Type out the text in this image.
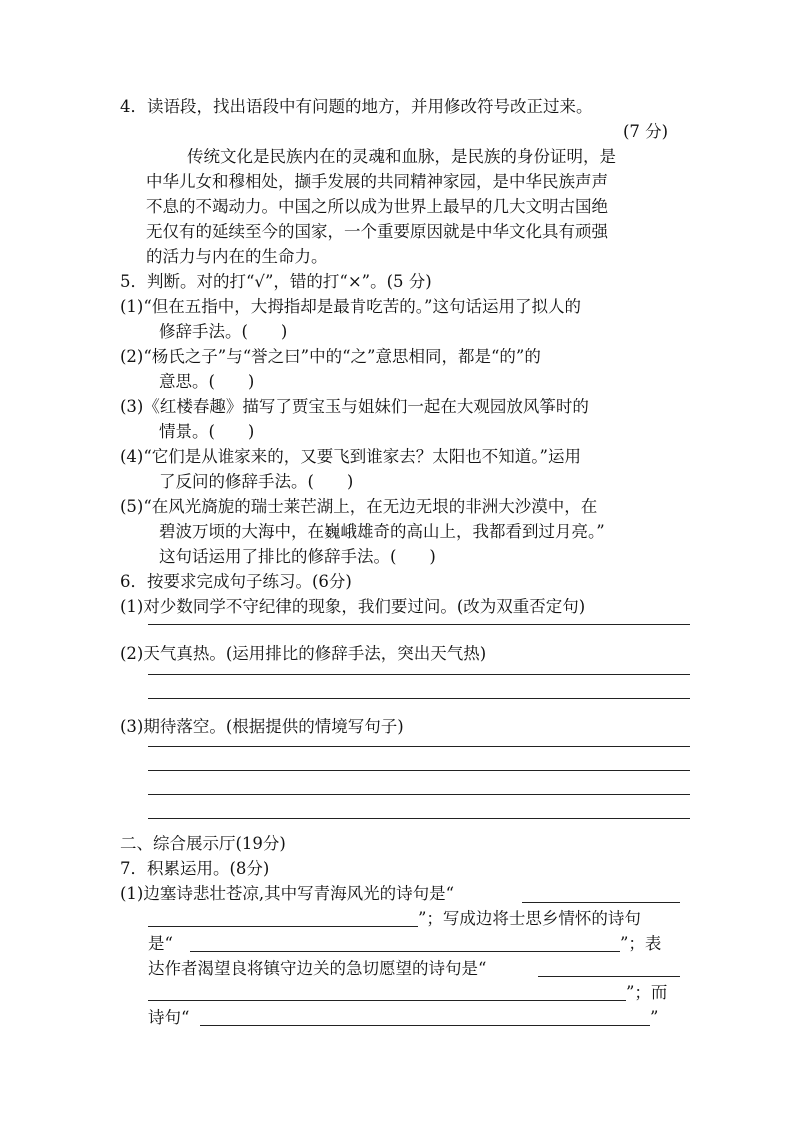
4．读语段，找出语段中有问题的地方，并用修改符号改正过来。
(7 分)
传统文化是民族内在的灵魂和血脉，是民族的身份证明，是
中华儿女和穆相处，撷手发展的共同精神家园，是中华民族声声
不息的不竭动力。中国之所以成为世界上最早的几大文明古国绝
无仅有的延续至今的国家，一个重要原因就是中华文化具有顽强
的活力与内在的生命力。
5．判断。对的打“√”，错的打“×”。(5 分)
(1)“但在五指中，大拇指却是最肯吃苦的。”这句话运用了拟人的
修辞手法。(　　)
(2)“杨氏之子”与“誉之曰”中的“之”意思相同，都是“的”的
意思。(　　)
(3)《红楼春趣》描写了贾宝玉与姐妹们一起在大观园放风筝时的
情景。(　　)
(4)“它们是从谁家来的，又要飞到谁家去？太阳也不知道。”运用
了反问的修辞手法。(　　)
(5)“在风光旖旎的瑞士莱芒湖上，在无边无垠的非洲大沙漠中，在
碧波万顷的大海中，在巍峨雄奇的高山上，我都看到过月亮。”
这句话运用了排比的修辞手法。(　　)
6．按要求完成句子练习。(6分)
(1)对少数同学不守纪律的现象，我们要过问。(改为双重否定句)
(2)天气真热。(运用排比的修辞手法，突出天气热)
(3)期待落空。(根据提供的情境写句子)
二、综合展示厅(19分)
7．积累运用。(8分)
(1)边塞诗悲壮苍凉,其中写青海风光的诗句是“
”；写成边将士思乡情怀的诗句
是“	”；表
达作者渴望良将镇守边关的急切愿望的诗句是“
”；而
诗句“	”
